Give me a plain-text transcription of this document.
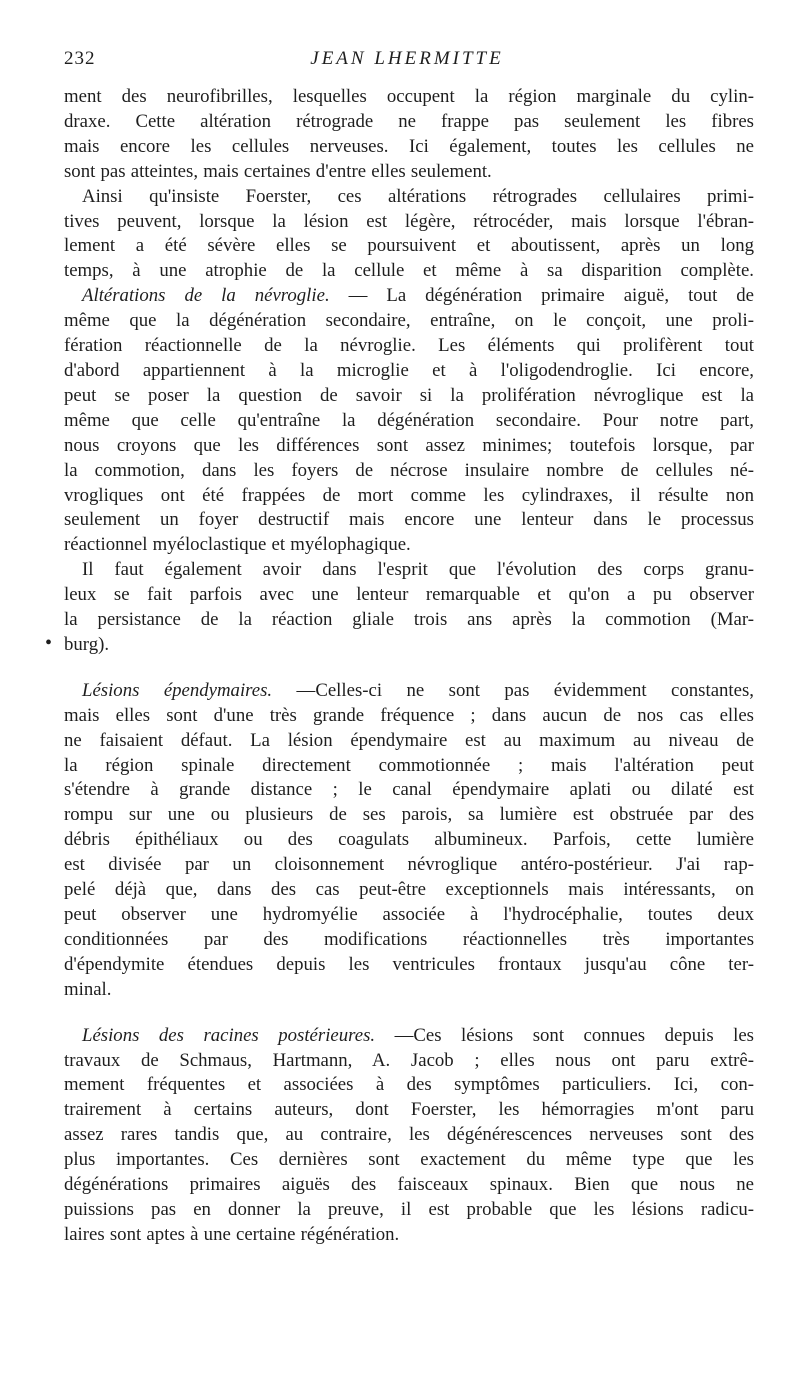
232	JEAN LHERMITTE
•

ment des neurofibrilles, lesquelles occupent la région marginale du cylin-
draxe. Cette altération rétrograde ne frappe pas seulement les fibres
mais encore les cellules nerveuses. Ici également, toutes les cellules ne
sont pas atteintes, mais certaines d'entre elles seulement.

Ainsi qu'insiste Foerster, ces altérations rétrogrades cellulaires primi-
tives peuvent, lorsque la lésion est légère, rétrocéder, mais lorsque l'ébran-
lement a été sévère elles se poursuivent et aboutissent, après un long
temps, à une atrophie de la cellule et même à sa disparition complète.

Altérations de la névroglie. — La dégénération primaire aiguë, tout de
même que la dégénération secondaire, entraîne, on le conçoit, une proli-
fération réactionnelle de la névroglie. Les éléments qui prolifèrent tout
d'abord appartiennent à la microglie et à l'oligodendroglie. Ici encore,
peut se poser la question de savoir si la prolifération névroglique est la
même que celle qu'entraîne la dégénération secondaire. Pour notre part,
nous croyons que les différences sont assez minimes; toutefois lorsque, par
la commotion, dans les foyers de nécrose insulaire nombre de cellules né-
vrogliques ont été frappées de mort comme les cylindraxes, il résulte non
seulement un foyer destructif mais encore une lenteur dans le processus
réactionnel myéloclastique et myélophagique.

Il faut également avoir dans l'esprit que l'évolution des corps granu-
leux se fait parfois avec une lenteur remarquable et qu'on a pu observer
la persistance de la réaction gliale trois ans après la commotion (Mar-
burg).

Lésions épendymaires. —Celles-ci ne sont pas évidemment constantes,
mais elles sont d'une très grande fréquence ; dans aucun de nos cas elles
ne faisaient défaut. La lésion épendymaire est au maximum au niveau de
la région spinale directement commotionnée ; mais l'altération peut
s'étendre à grande distance ; le canal épendymaire aplati ou dilaté est
rompu sur une ou plusieurs de ses parois, sa lumière est obstruée par des
débris épithéliaux ou des coagulats albumineux. Parfois, cette lumière
est divisée par un cloisonnement névroglique antéro-postérieur. J'ai rap-
pelé déjà que, dans des cas peut-être exceptionnels mais intéressants, on
peut observer une hydromyélie associée à l'hydrocéphalie, toutes deux
conditionnées par des modifications réactionnelles très importantes
d'épendymite étendues depuis les ventricules frontaux jusqu'au cône ter-
minal.

Lésions des racines postérieures. —Ces lésions sont connues depuis les
travaux de Schmaus, Hartmann, A. Jacob ; elles nous ont paru extrê-
mement fréquentes et associées à des symptômes particuliers. Ici, con-
trairement à certains auteurs, dont Foerster, les hémorragies m'ont paru
assez rares tandis que, au contraire, les dégénérescences nerveuses sont des
plus importantes. Ces dernières sont exactement du même type que les
dégénérations primaires aiguës des faisceaux spinaux. Bien que nous ne
puissions pas en donner la preuve, il est probable que les lésions radicu-
laires sont aptes à une certaine régénération.
